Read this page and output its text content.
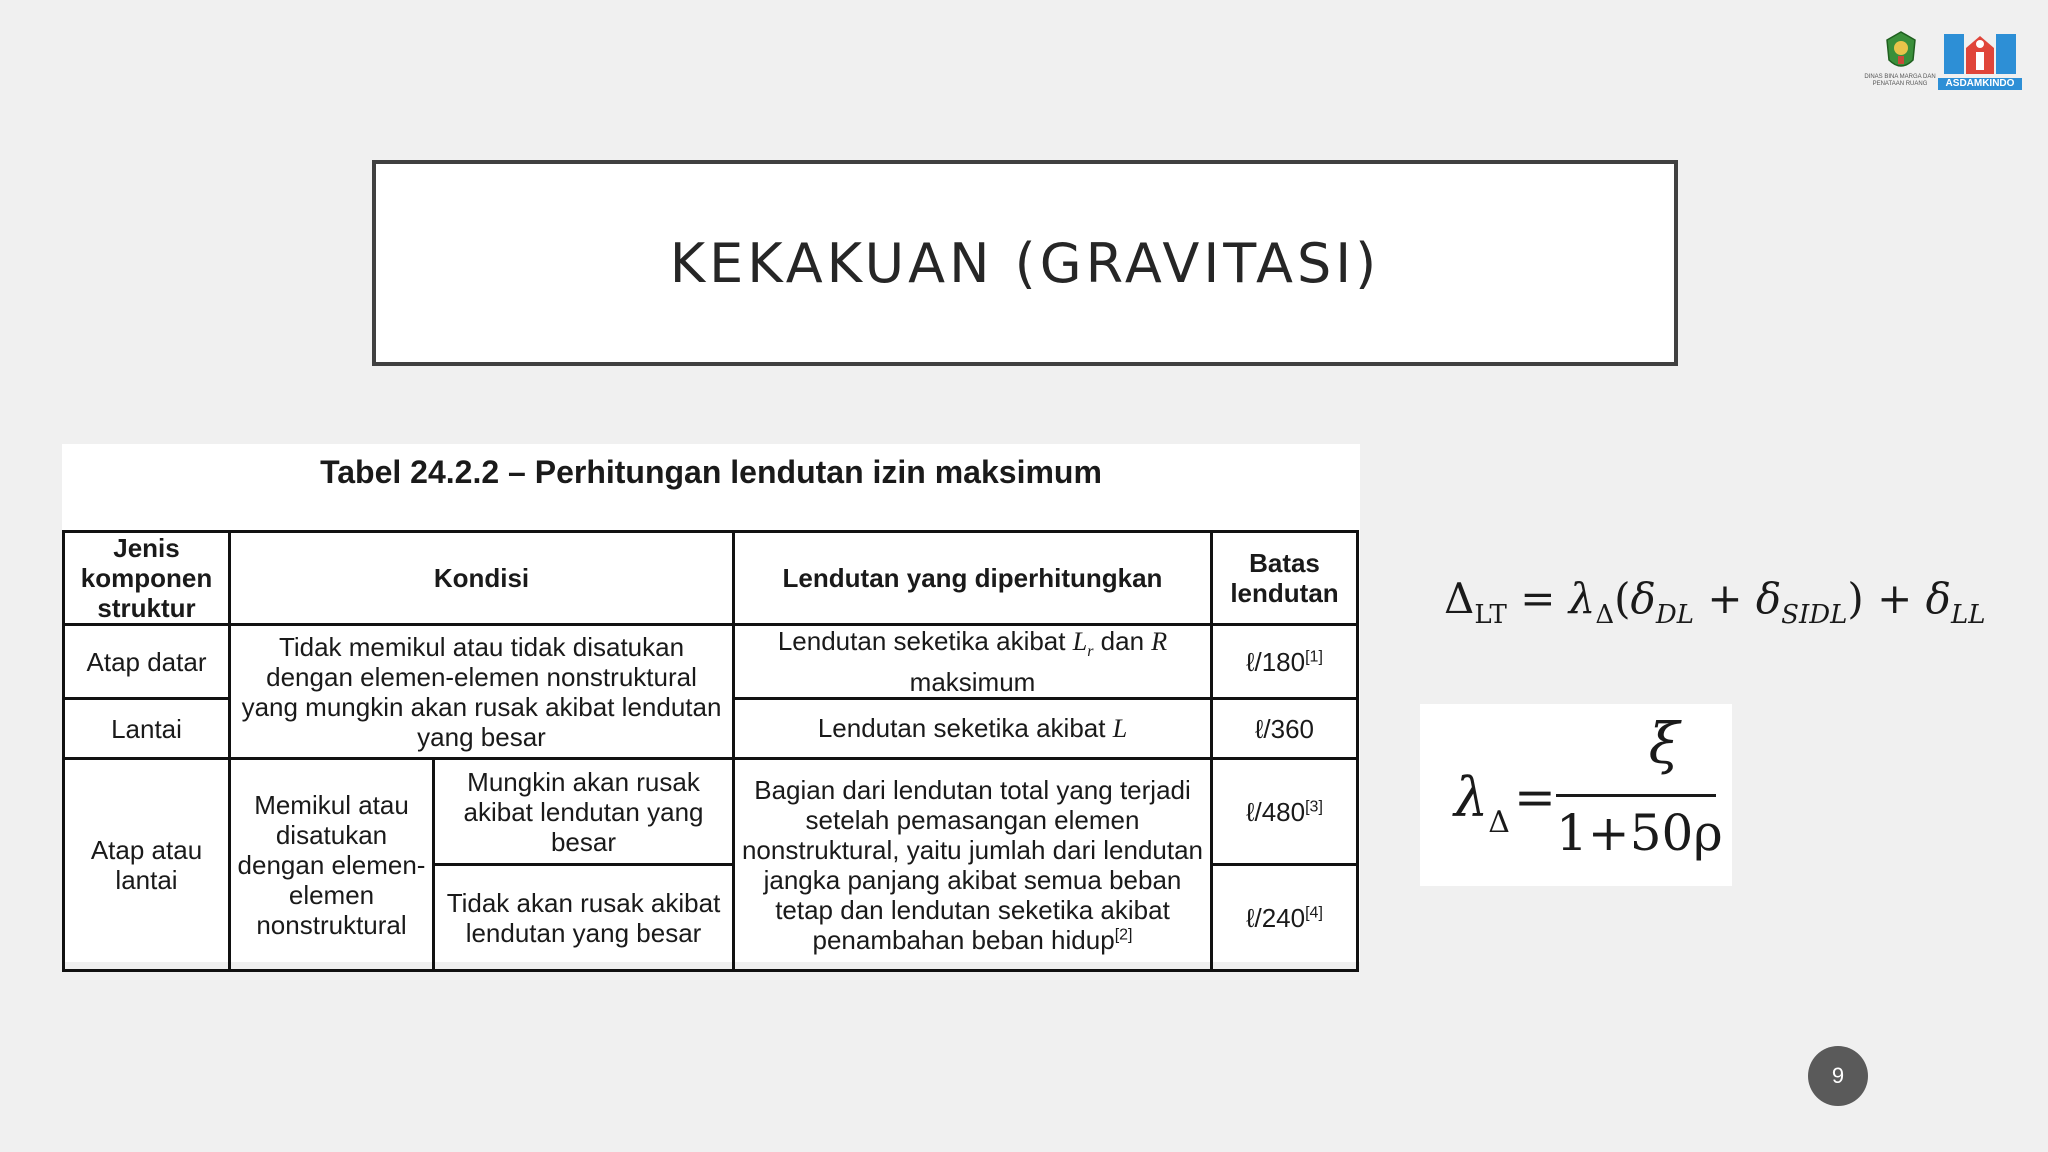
DINAS BINA MARGA DAN PENATAAN RUANG	ASDAMKINDO
KEKAKUAN (GRAVITASI)
Tabel 24.2.2 – Perhitungan lendutan izin maksimum
Jenis komponen struktur	Kondisi		Lendutan yang diperhitungkan	Batas lendutan
Atap datar	Tidak memikul atau tidak disatukan dengan elemen-elemen nonstruktural yang mungkin akan rusak akibat lendutan yang besar		Lendutan seketika akibat $L_r$ dan R maksimum	ℓ/180[1]
Lantai			Lendutan seketika akibat L	ℓ/360
Atap atau lantai	Memikul atau disatukan dengan elemen-elemen nonstruktural	Mungkin akan rusak akibat lendutan yang besar	Bagian dari lendutan total yang terjadi setelah pemasangan elemen nonstruktural, yaitu jumlah dari lendutan jangka panjang akibat semua beban tetap dan lendutan seketika akibat penambahan beban hidup[2]	ℓ/480[3]
		Tidak akan rusak akibat lendutan yang besar		ℓ/240[4]
$\Delta_{LT} = \lambda_\Delta(\delta_{DL} + \delta_{SIDL}) + \delta_{LL}$
$\lambda_\Delta$ =
ξ
1+50ρ
9
